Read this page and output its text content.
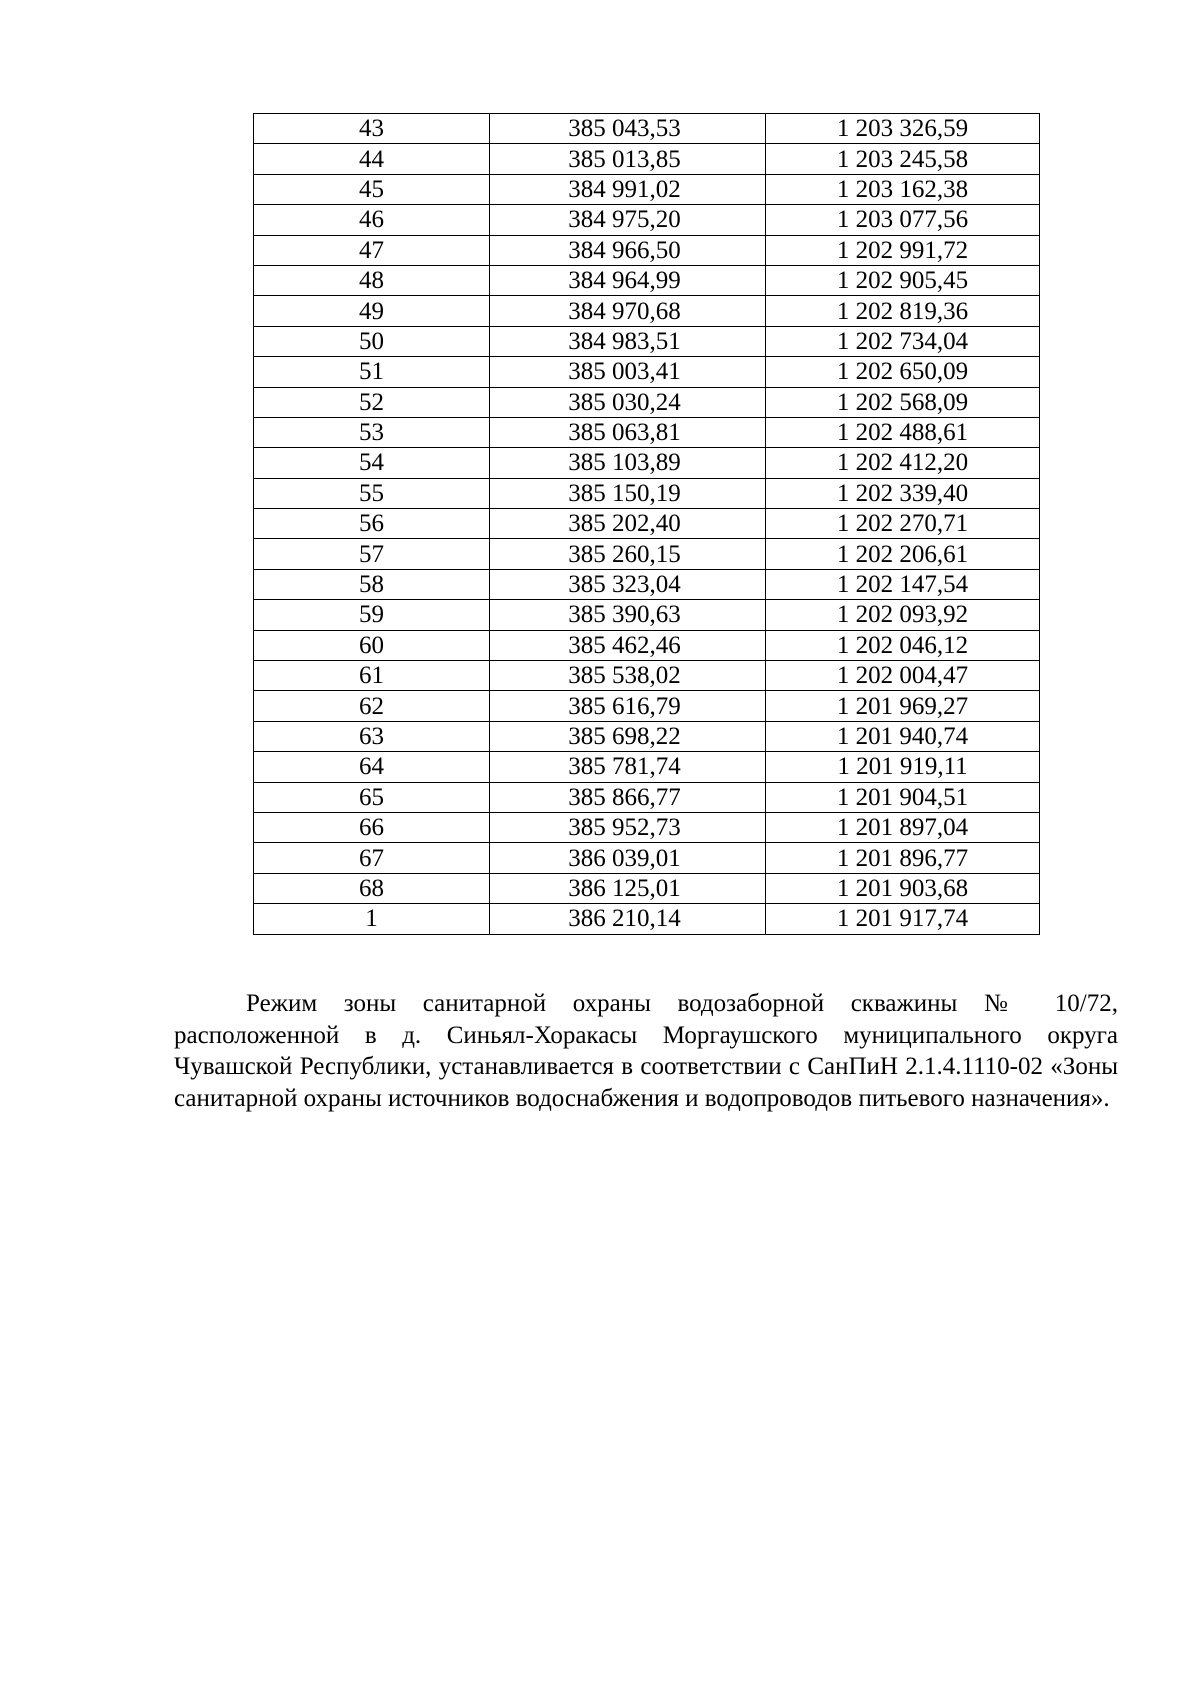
43	385 043,53	1 203 326,59
44	385 013,85	1 203 245,58
45	384 991,02	1 203 162,38
46	384 975,20	1 203 077,56
47	384 966,50	1 202 991,72
48	384 964,99	1 202 905,45
49	384 970,68	1 202 819,36
50	384 983,51	1 202 734,04
51	385 003,41	1 202 650,09
52	385 030,24	1 202 568,09
53	385 063,81	1 202 488,61
54	385 103,89	1 202 412,20
55	385 150,19	1 202 339,40
56	385 202,40	1 202 270,71
57	385 260,15	1 202 206,61
58	385 323,04	1 202 147,54
59	385 390,63	1 202 093,92
60	385 462,46	1 202 046,12
61	385 538,02	1 202 004,47
62	385 616,79	1 201 969,27
63	385 698,22	1 201 940,74
64	385 781,74	1 201 919,11
65	385 866,77	1 201 904,51
66	385 952,73	1 201 897,04
67	386 039,01	1 201 896,77
68	386 125,01	1 201 903,68
1	386 210,14	1 201 917,74

Режим зоны санитарной охраны водозаборной скважины № 10/72, расположенной в д. Синьял-Хоракасы Моргаушского муниципального округа Чувашской Республики, устанавливается в соответствии с СанПиН 2.1.4.1110-02 «Зоны санитарной охраны источников водоснабжения и водопроводов питьевого назначения».
